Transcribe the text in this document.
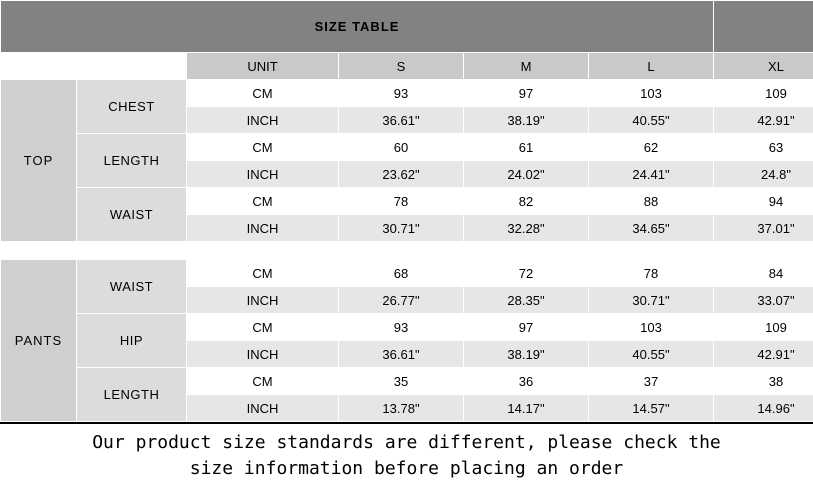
SIZE TABLE						
		UNIT	S	M	L	XL
TOP	CHEST	CM	93	97	103	109
		INCH	36.61"	38.19"	40.55"	42.91"
	LENGTH	CM	60	61	62	63
		INCH	23.62"	24.02"	24.41"	24.8"
	WAIST	CM	78	82	88	94
		INCH	30.71"	32.28"	34.65"	37.01"

PANTS	WAIST	CM	68	72	78	84
		INCH	26.77"	28.35"	30.71"	33.07"
	HIP	CM	93	97	103	109
		INCH	36.61"	38.19"	40.55"	42.91"
	LENGTH	CM	35	36	37	38
		INCH	13.78"	14.17"	14.57"	14.96"
Our product size standards are different, please check the
size information before placing an order
